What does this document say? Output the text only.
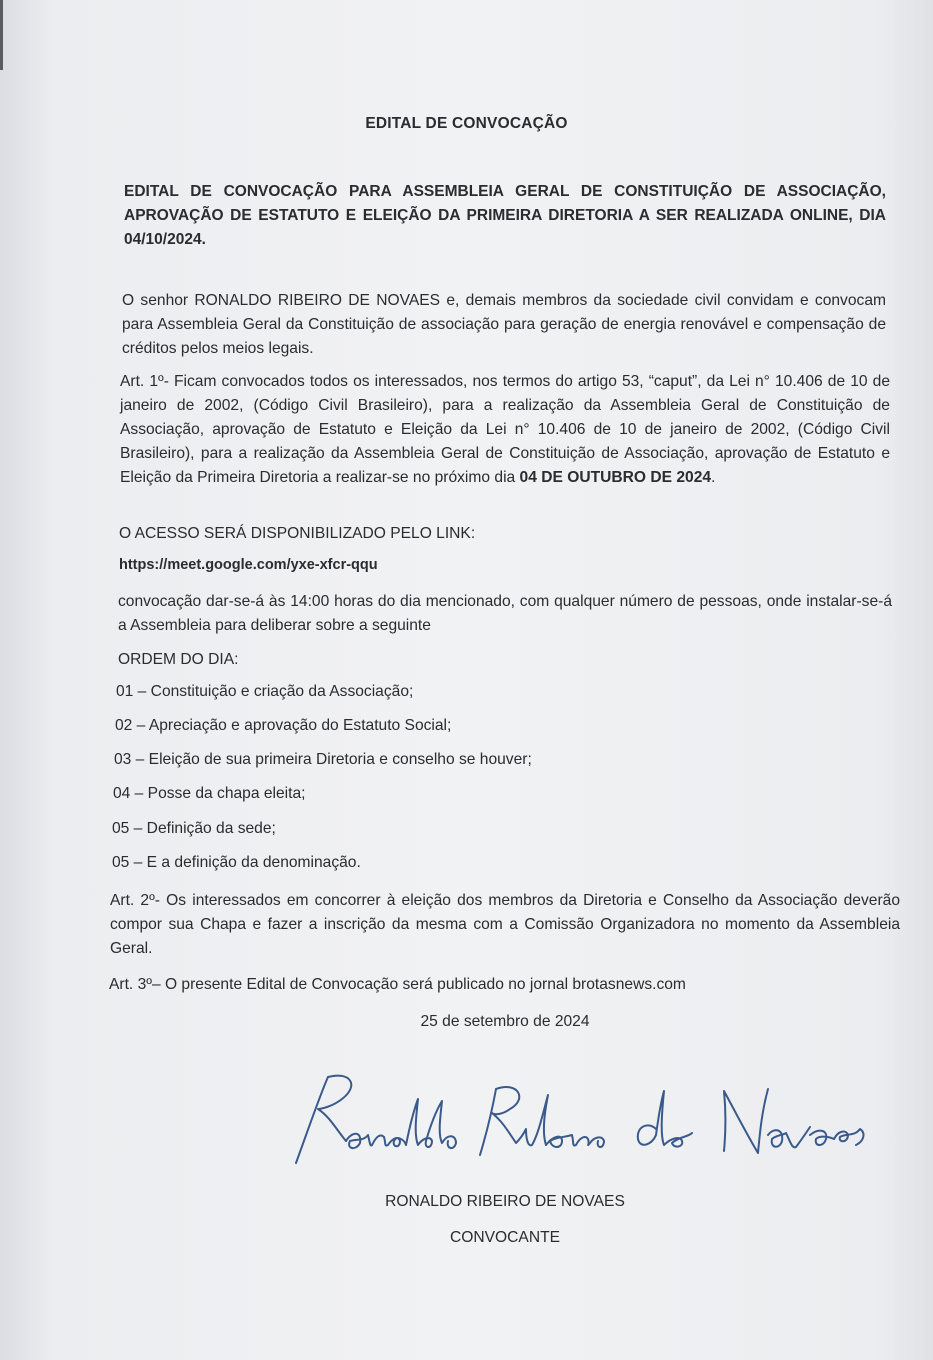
EDITAL DE CONVOCAÇÃO
EDITAL DE CONVOCAÇÃO PARA ASSEMBLEIA GERAL DE CONSTITUIÇÃO DE ASSOCIAÇÃO, APROVAÇÃO DE ESTATUTO E ELEIÇÃO DA PRIMEIRA DIRETORIA A SER REALIZADA ONLINE, DIA 04/10/2024.
O senhor RONALDO RIBEIRO DE NOVAES e, demais membros da sociedade civil convidam e convocam para Assembleia Geral da Constituição de associação para geração de energia renovável e compensação de créditos pelos meios legais.
Art. 1º- Ficam convocados todos os interessados, nos termos do artigo 53, “caput”, da Lei n° 10.406 de 10 de janeiro de 2002, (Código Civil Brasileiro), para a realização da Assembleia Geral de Constituição de Associação, aprovação de Estatuto e Eleição da Lei n° 10.406 de 10 de janeiro de 2002, (Código Civil Brasileiro), para a realização da Assembleia Geral de Constituição de Associação, aprovação de Estatuto e Eleição da Primeira Diretoria a realizar-se no próximo dia 04 DE OUTUBRO DE 2024.
O ACESSO SERÁ DISPONIBILIZADO PELO LINK:
https://meet.google.com/yxe-xfcr-qqu
convocação dar-se-á às 14:00 horas do dia mencionado, com qualquer número de pessoas, onde instalar-se-á a Assembleia para deliberar sobre a seguinte
ORDEM DO DIA:
01 – Constituição e criação da Associação;
02 – Apreciação e aprovação do Estatuto Social;
03 – Eleição de sua primeira Diretoria e conselho se houver;
04 – Posse da chapa eleita;
05 – Definição da sede;
05 – E a definição da denominação.
Art. 2º- Os interessados em concorrer à eleição dos membros da Diretoria e Conselho da Associação deverão compor sua Chapa e fazer a inscrição da mesma com a Comissão Organizadora no momento da Assembleia Geral.
Art. 3º– O presente Edital de Convocação será publicado no jornal brotasnews.com
25 de setembro de 2024
RONALDO RIBEIRO DE NOVAES
CONVOCANTE
